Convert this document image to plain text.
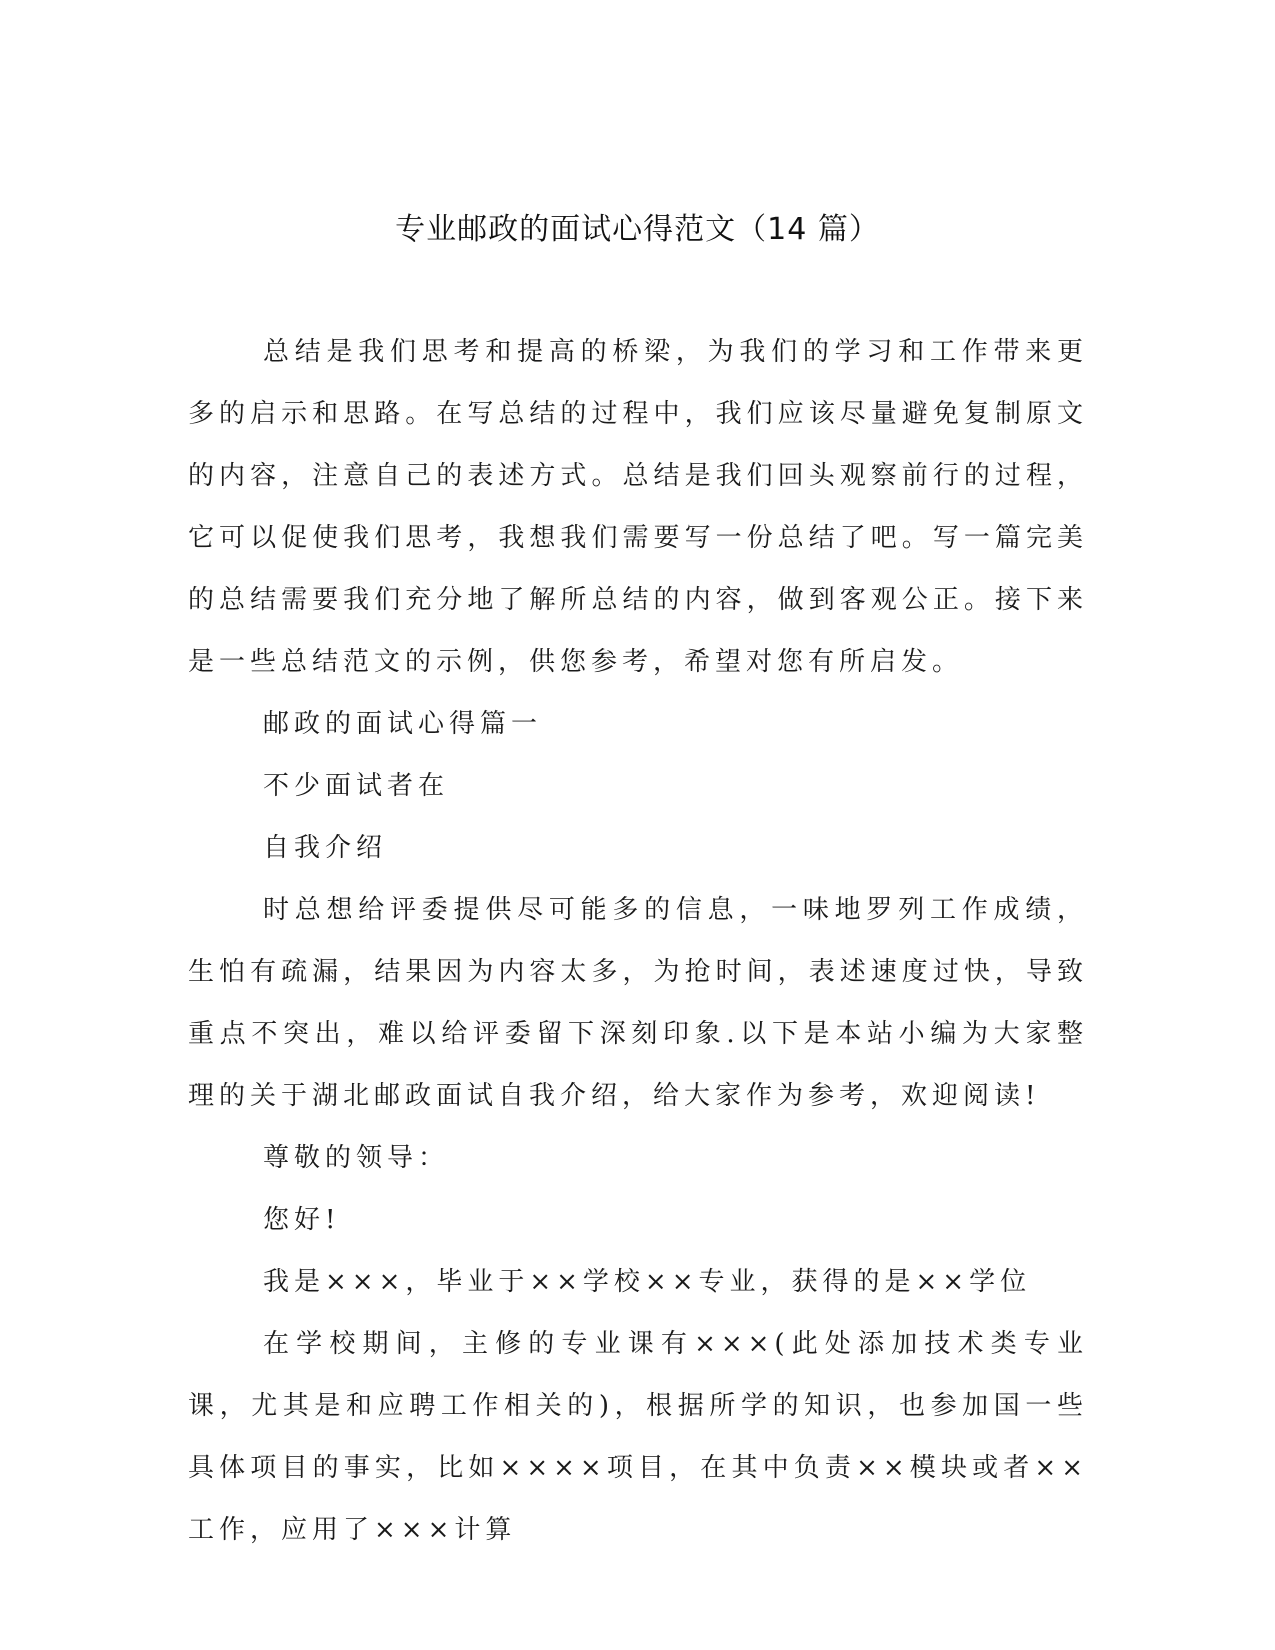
专业邮政的面试心得范文（14 篇）

总结是我们思考和提高的桥梁，为我们的学习和工作带来更多的启示和思路。在写总结的过程中，我们应该尽量避免复制原文的内容，注意自己的表述方式。总结是我们回头观察前行的过程，它可以促使我们思考，我想我们需要写一份总结了吧。写一篇完美的总结需要我们充分地了解所总结的内容，做到客观公正。接下来是一些总结范文的示例，供您参考，希望对您有所启发。

邮政的面试心得篇一

不少面试者在

自我介绍

时总想给评委提供尽可能多的信息，一味地罗列工作成绩，生怕有疏漏，结果因为内容太多，为抢时间，表述速度过快，导致重点不突出，难以给评委留下深刻印象.以下是本站小编为大家整理的关于湖北邮政面试自我介绍，给大家作为参考，欢迎阅读!

尊敬的领导：

您好!

我是×××，毕业于××学校××专业，获得的是××学位

在学校期间，主修的专业课有×××(此处添加技术类专业课，尤其是和应聘工作相关的)，根据所学的知识，也参加国一些具体项目的事实，比如××××项目，在其中负责××模块或者××工作，应用了×××计算
